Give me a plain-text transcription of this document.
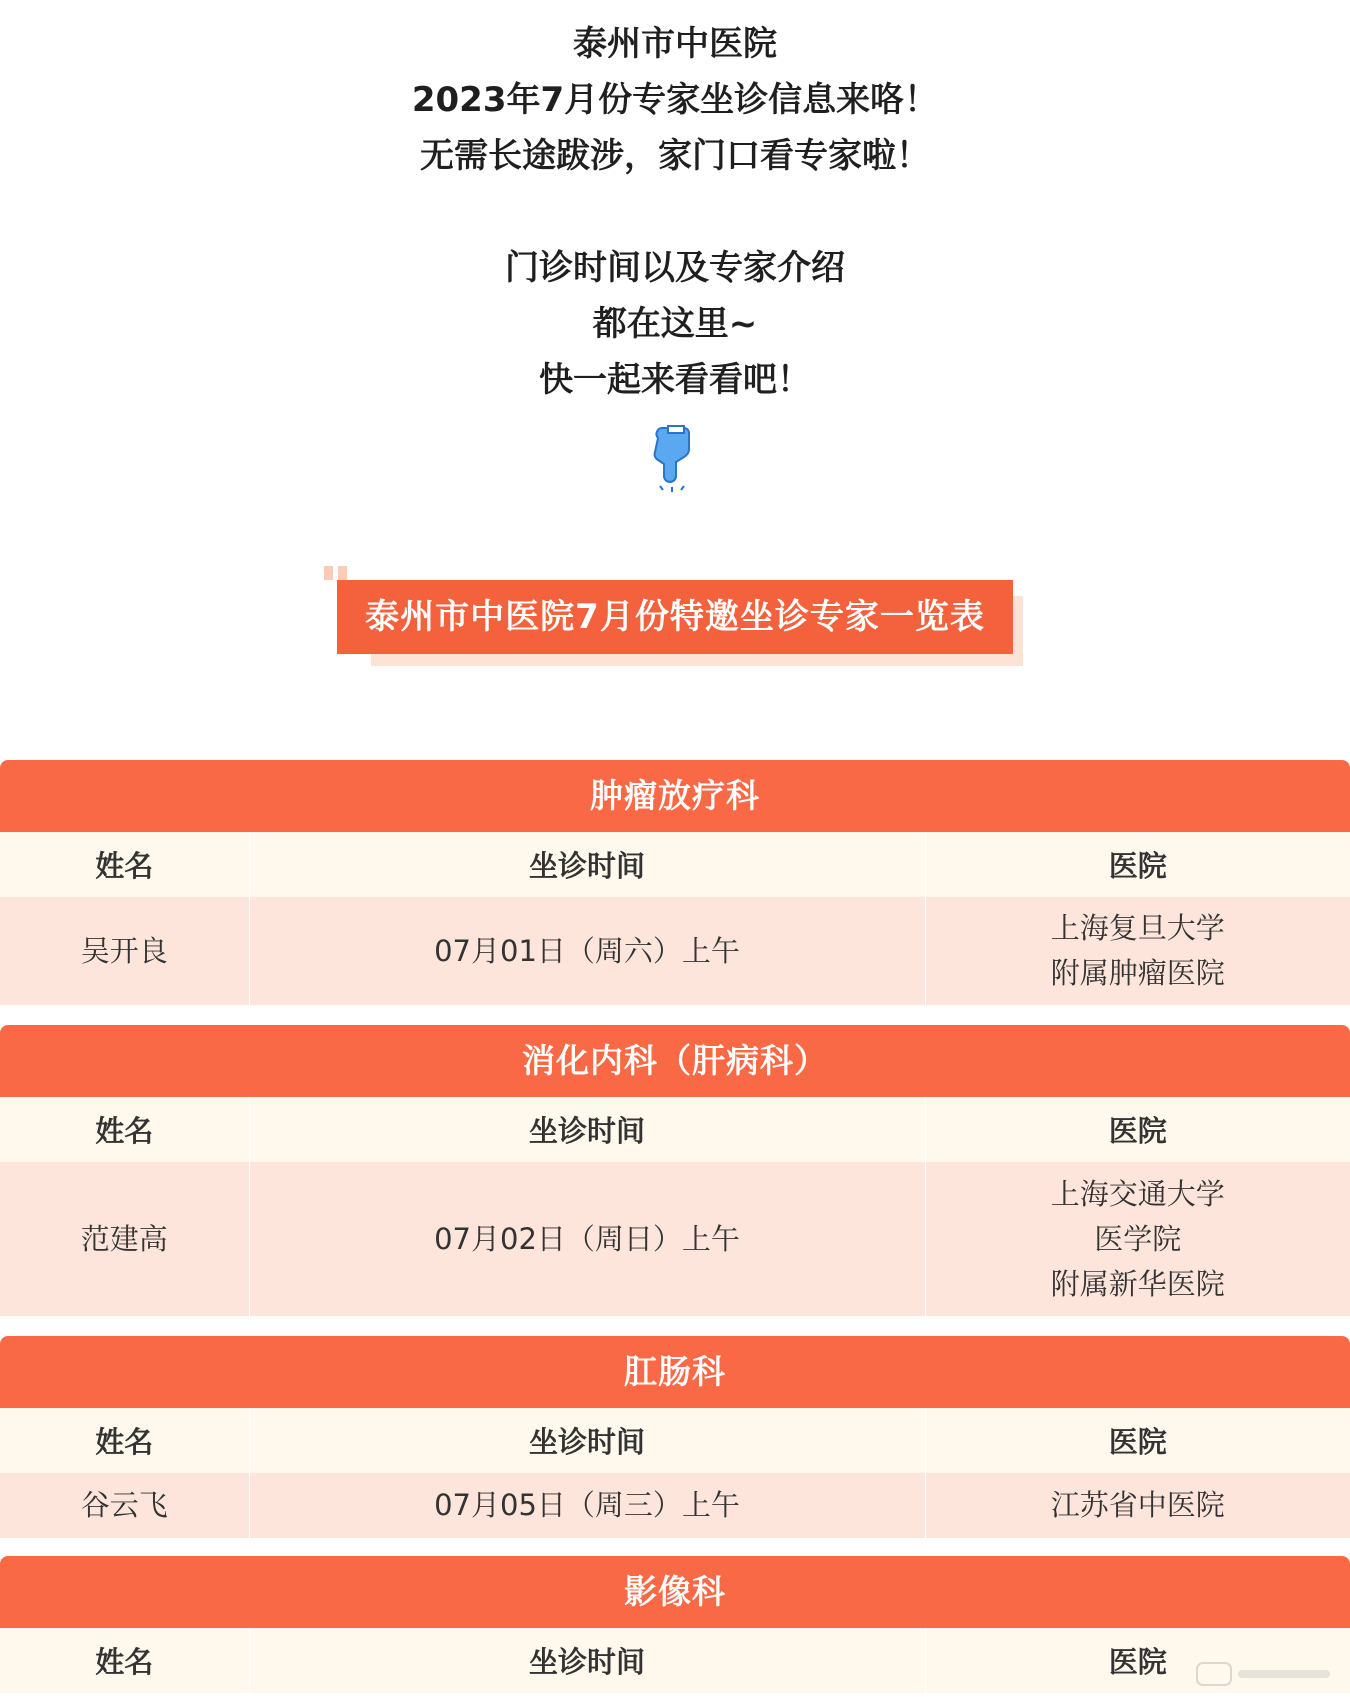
泰州市中医院
2023年7月份专家坐诊信息来咯！
无需长途跋涉，家门口看专家啦！
门诊时间以及专家介绍
都在这里~
快一起来看看吧！
泰州市中医院7月份特邀坐诊专家一览表
肿瘤放疗科
姓名	坐诊时间	医院
吴开良	07月01日（周六）上午	上海复旦大学
附属肿瘤医院
消化内科（肝病科）
姓名	坐诊时间	医院
范建高	07月02日（周日）上午	上海交通大学
医学院
附属新华医院
肛肠科
姓名	坐诊时间	医院
谷云飞	07月05日（周三）上午	江苏省中医院
影像科
姓名	坐诊时间	医院
